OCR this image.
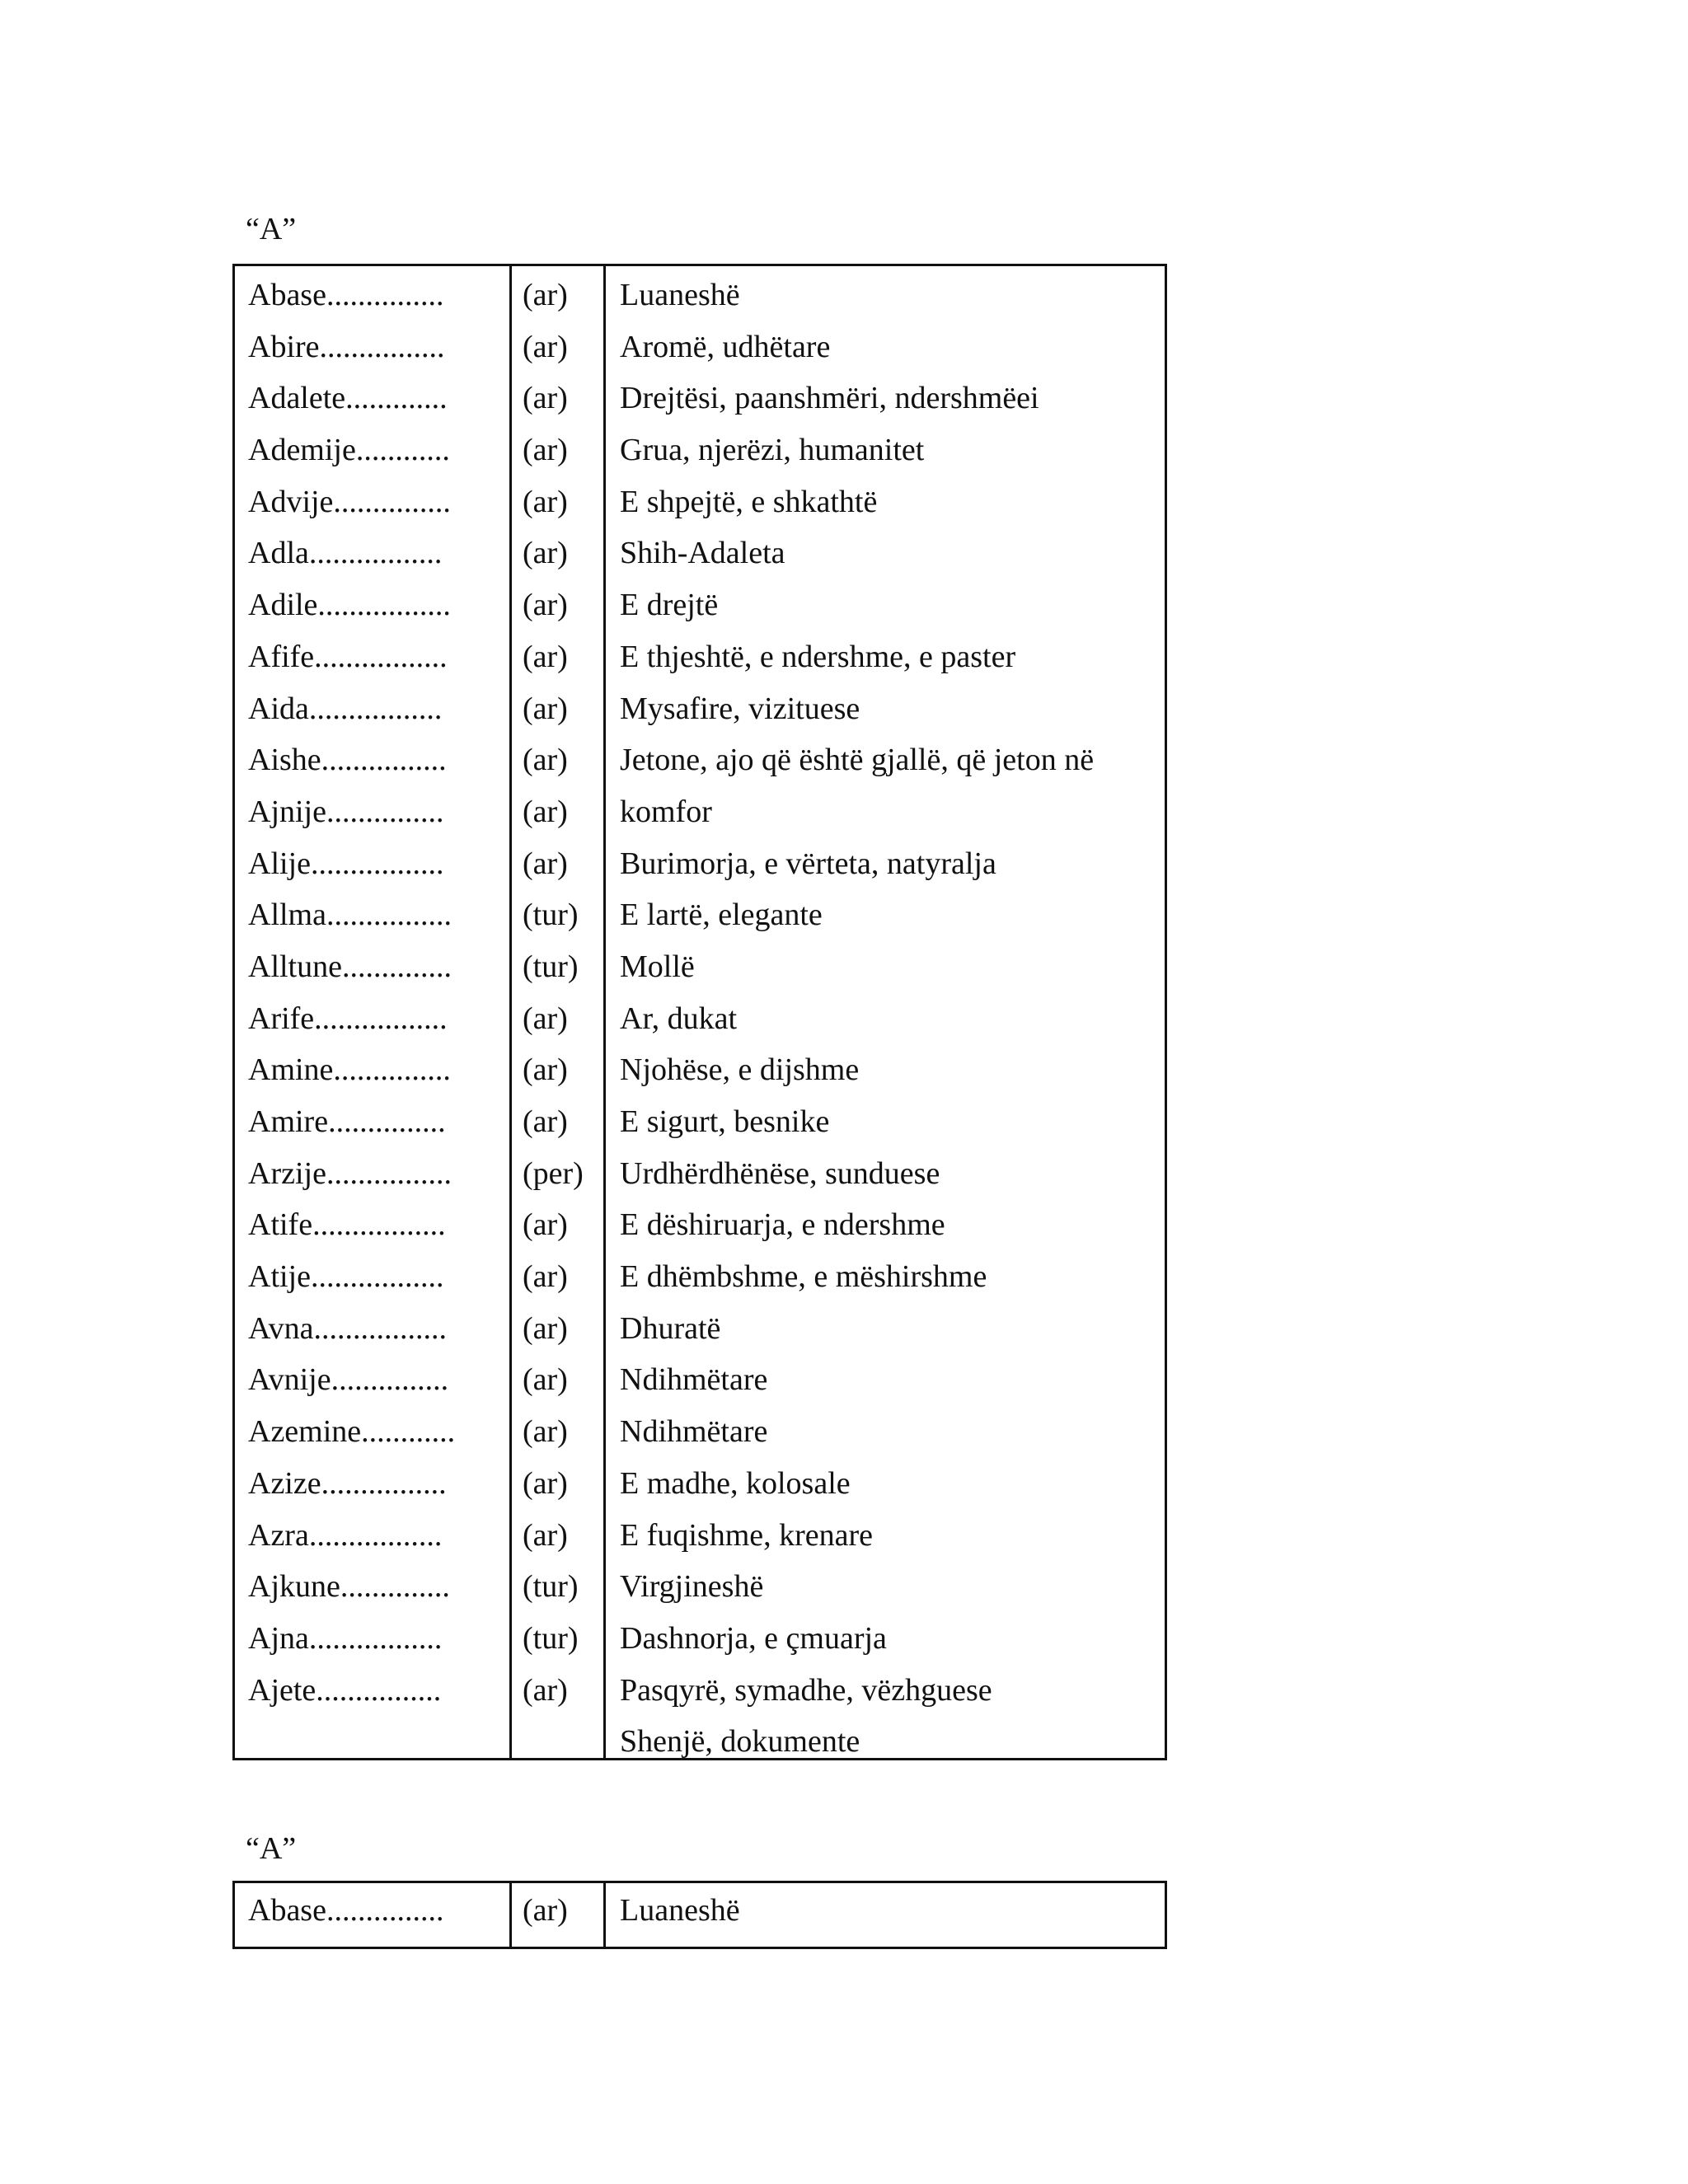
“A”
Abase...............
Abire................
Adalete.............
Ademije............
Advije...............
Adla.................
Adile.................
Afife.................
Aida.................
Aishe................
Ajnije...............
Alije.................
Allma................
Alltune..............
Arife.................
Amine...............
Amire...............
Arzije................
Atife.................
Atije.................
Avna.................
Avnije...............
Azemine............
Azize................
Azra.................
Ajkune..............
Ajna.................
Ajete................
(ar)
(ar)
(ar)
(ar)
(ar)
(ar)
(ar)
(ar)
(ar)
(ar)
(ar)
(ar)
(tur)
(tur)
(ar)
(ar)
(ar)
(per)
(ar)
(ar)
(ar)
(ar)
(ar)
(ar)
(ar)
(tur)
(tur)
(ar)
Luaneshë
Aromë, udhëtare
Drejtësi, paanshmëri, ndershmëei
Grua, njerëzi, humanitet
E shpejtë, e shkathtë
Shih-Adaleta
E drejtë
E thjeshtë, e ndershme, e paster
Mysafire, vizituese
Jetone, ajo që është gjallë, që jeton në
komfor
Burimorja, e vërteta, natyralja
E lartë, elegante
Mollë
Ar, dukat
Njohëse, e dijshme
E sigurt, besnike
Urdhërdhënëse, sunduese
E dëshiruarja, e ndershme
E dhëmbshme, e mëshirshme
Dhuratë
Ndihmëtare
Ndihmëtare
E madhe, kolosale
E fuqishme, krenare
Virgjineshë
Dashnorja, e çmuarja
Pasqyrë, symadhe, vëzhguese
Shenjë, dokumente
“A”
Abase...............	(ar) Luaneshë
